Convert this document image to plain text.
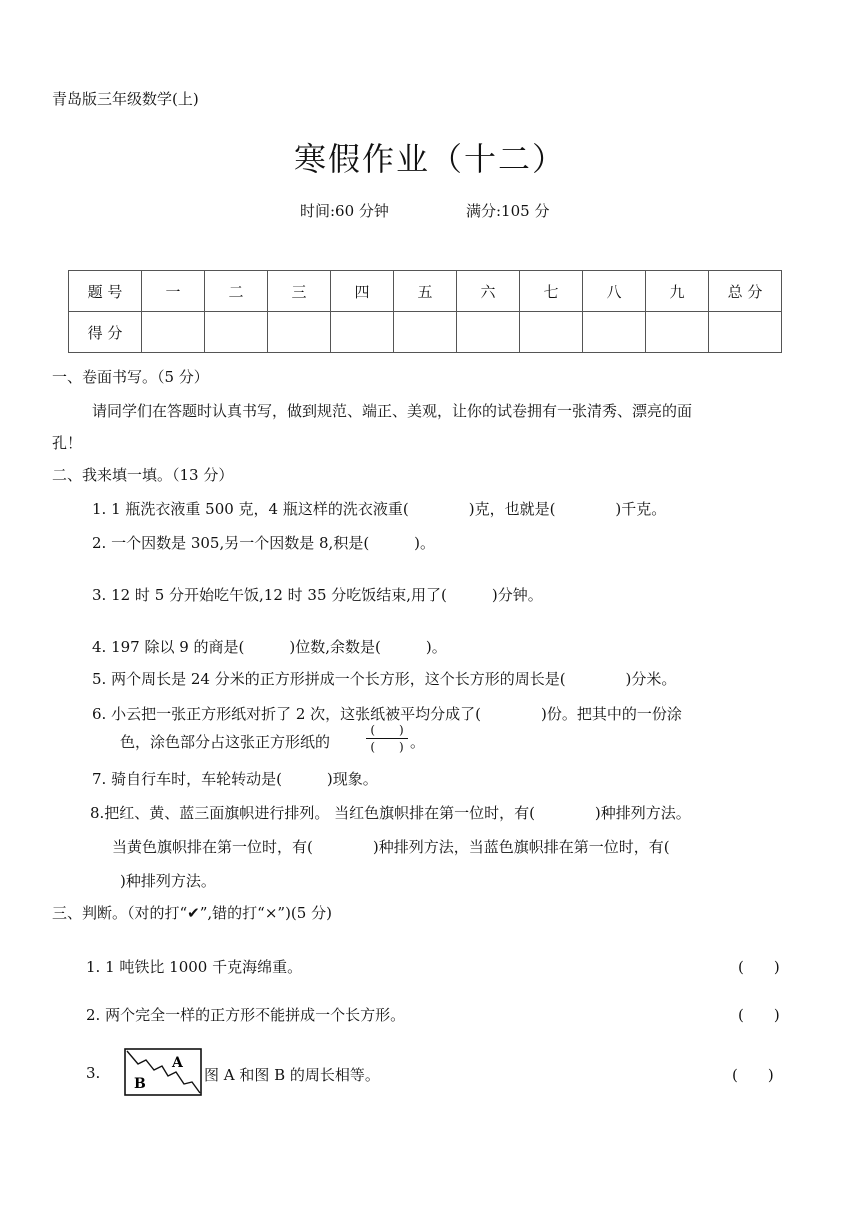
青岛版三年级数学(上)
寒假作业（十二）
时间:60 分钟	满分:105 分
题 号	一	二	三	四	五	六	七	八	九	总 分
得 分										
一、卷面书写。（5 分）
请同学们在答题时认真书写，做到规范、端正、美观，让你的试卷拥有一张清秀、漂亮的面
孔！
二、我来填一填。（13 分）
1. 1 瓶洗衣液重 500 克，4 瓶这样的洗衣液重(　　　　)克，也就是(　　　　)千克。
2. 一个因数是 305,另一个因数是 8,积是(　　　)。
3. 12 时 5 分开始吃午饭,12 时 35 分吃饭结束,用了(　　　)分钟。
4. 197 除以 9 的商是(　　　)位数,余数是(　　　)。
5. 两个周长是 24 分米的正方形拼成一个长方形，这个长方形的周长是(　　　　)分米。
6. 小云把一张正方形纸对折了 2 次，这张纸被平均分成了(　　　　)份。把其中的一份涂
色，涂色部分占这张正方形纸的
(　　)
(　　) 。
7. 骑自行车时，车轮转动是(　　　)现象。
8.把红、黄、蓝三面旗帜进行排列。 当红色旗帜排在第一位时，有(　　　　)种排列方法。
当黄色旗帜排在第一位时，有(　　　　)种排列方法，当蓝色旗帜排在第一位时，有(
)种排列方法。
三、判断。（对的打“✔”,错的打“×”)(5 分)
1. 1 吨铁比 1000 千克海绵重。	(　　)
2. 两个完全一样的正方形不能拼成一个长方形。	(　　)
3.
A
B	图 A 和图 B 的周长相等。	(　　)
